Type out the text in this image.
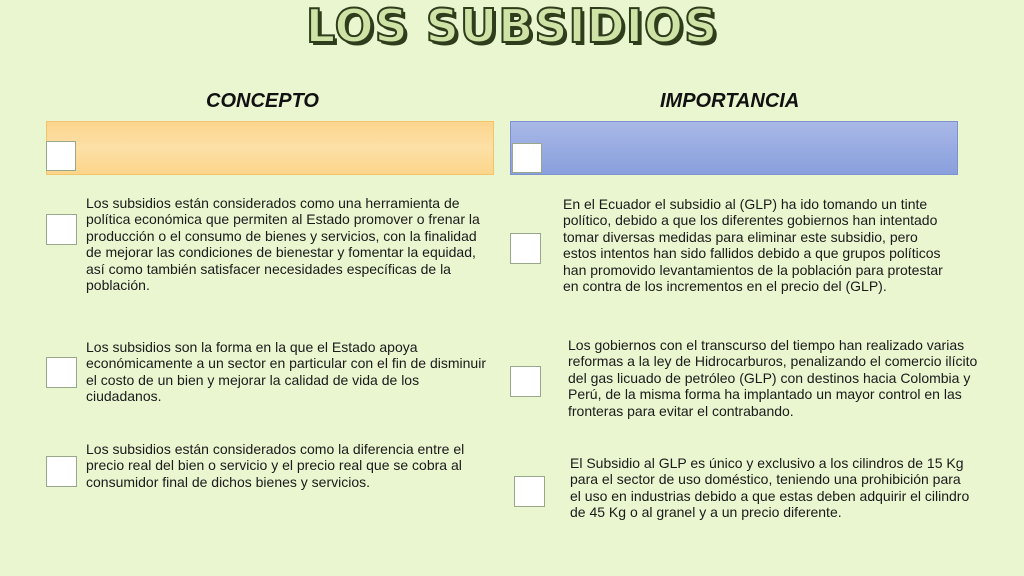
LOS SUBSIDIOS
CONCEPTO	IMPORTANCIA

Los subsidios están considerados como una herramienta de política económica que permiten al Estado promover o frenar la producción o el consumo de bienes y servicios, con la finalidad de mejorar las condiciones de bienestar y fomentar la equidad, así como también satisfacer necesidades específicas de la población.

Los subsidios son la forma en la que el Estado apoya económicamente a un sector en particular con el fin de disminuir el costo de un bien y mejorar la calidad de vida de los ciudadanos.

Los subsidios están considerados como la diferencia entre el precio real del bien o servicio y el precio real que se cobra al consumidor final de dichos bienes y servicios.

En el Ecuador el subsidio al (GLP) ha ido tomando un tinte político, debido a que los diferentes gobiernos han intentado tomar diversas medidas para eliminar este subsidio, pero estos intentos han sido fallidos debido a que grupos políticos han promovido levantamientos de la población para protestar en contra de los incrementos en el precio del (GLP).

Los gobiernos con el transcurso del tiempo han realizado varias reformas a la ley de Hidrocarburos, penalizando el comercio ilícito del gas licuado de petróleo (GLP) con destinos hacia Colombia y Perú, de la misma forma ha implantado un mayor control en las fronteras para evitar el contrabando.

El Subsidio al GLP es único y exclusivo a los cilindros de 15 Kg para el sector de uso doméstico, teniendo una prohibición para el uso en industrias debido a que estas deben adquirir el cilindro de 45 Kg o al granel y a un precio diferente.
